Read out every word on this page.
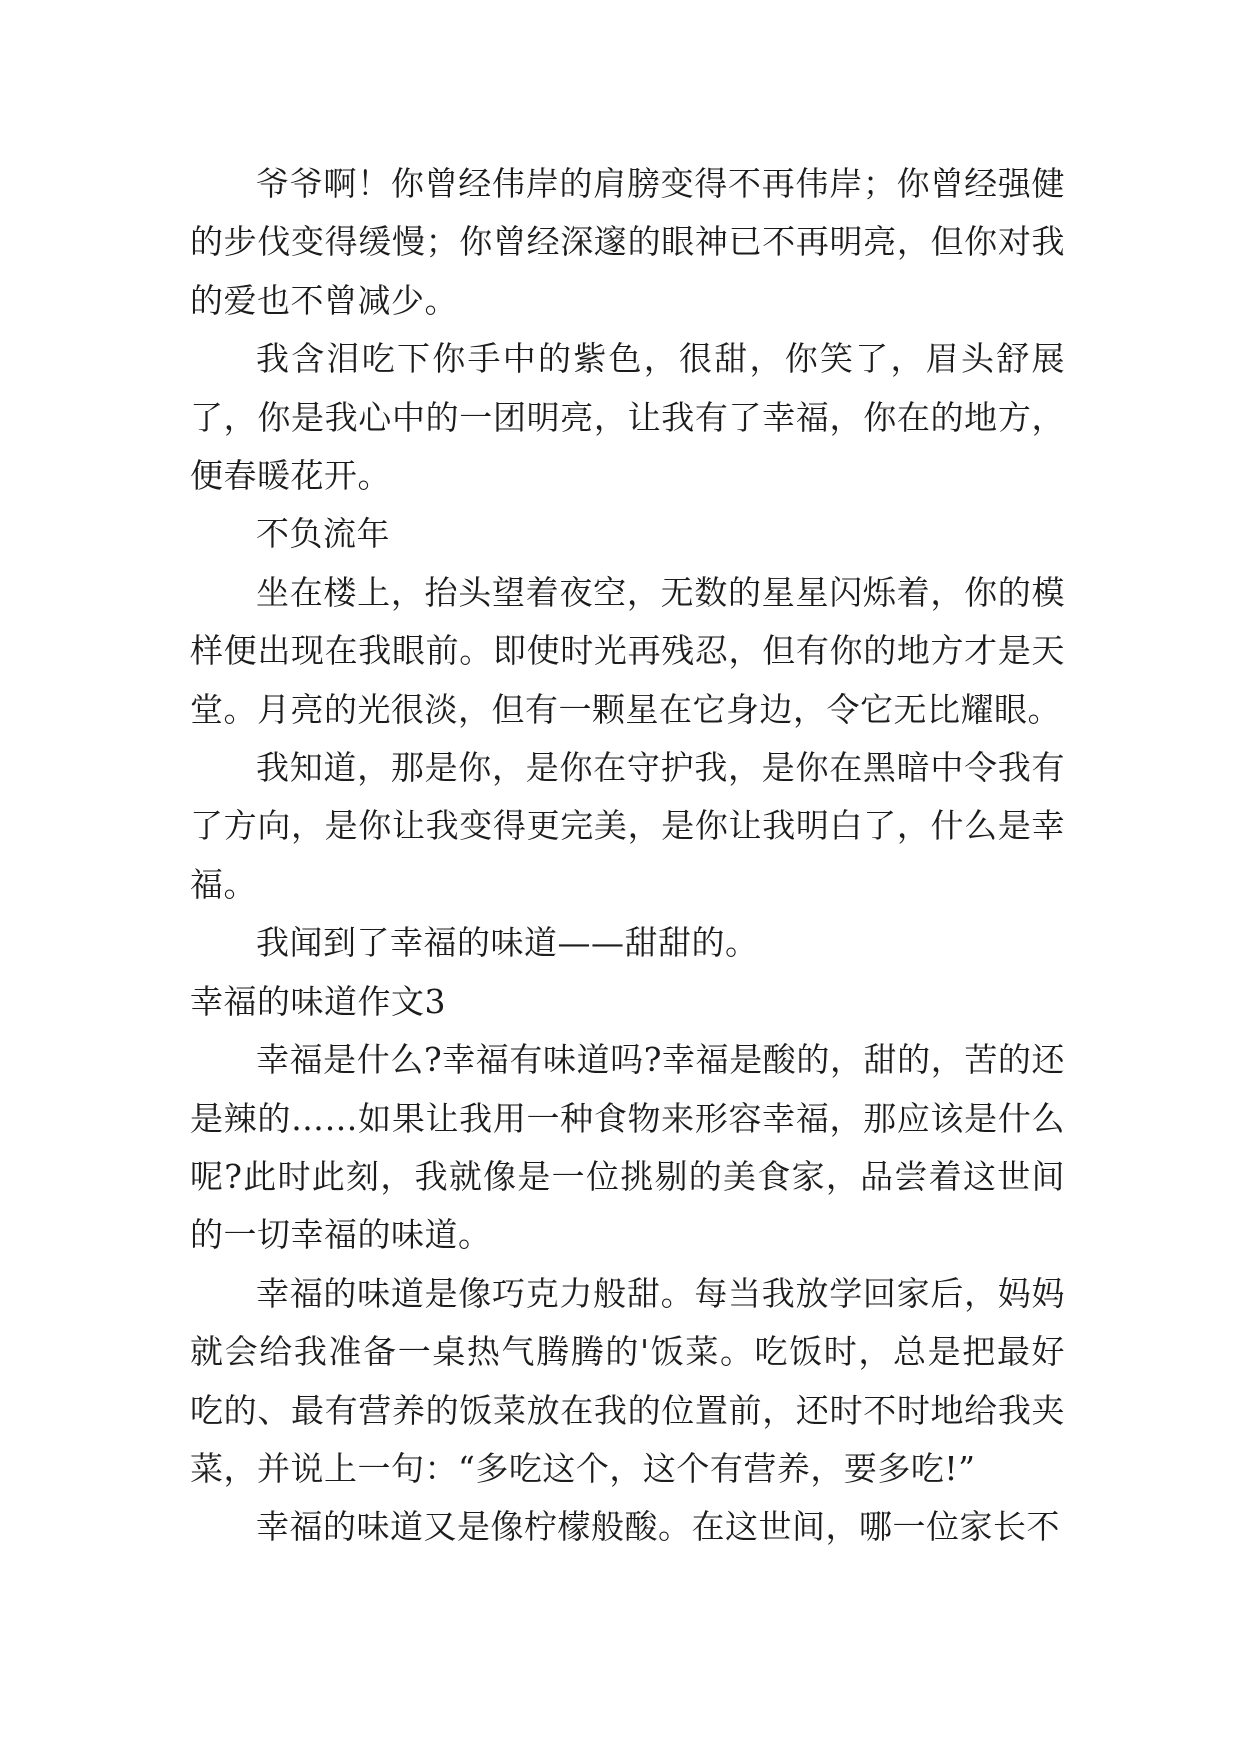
爷爷啊！你曾经伟岸的肩膀变得不再伟岸；你曾经强健的步伐变得缓慢；你曾经深邃的眼神已不再明亮，但你对我的爱也不曾减少。

我含泪吃下你手中的紫色，很甜，你笑了，眉头舒展了，你是我心中的一团明亮，让我有了幸福，你在的地方，便春暖花开。

不负流年

坐在楼上，抬头望着夜空，无数的星星闪烁着，你的模样便出现在我眼前。即使时光再残忍，但有你的地方才是天堂。月亮的光很淡，但有一颗星在它身边，令它无比耀眼。

我知道，那是你，是你在守护我，是你在黑暗中令我有了方向，是你让我变得更完美，是你让我明白了，什么是幸福。

我闻到了幸福的味道——甜甜的。

幸福的味道作文3

幸福是什么?幸福有味道吗?幸福是酸的，甜的，苦的还是辣的……如果让我用一种食物来形容幸福，那应该是什么呢?此时此刻，我就像是一位挑剔的美食家，品尝着这世间的一切幸福的味道。

幸福的味道是像巧克力般甜。每当我放学回家后，妈妈就会给我准备一桌热气腾腾的'饭菜。吃饭时，总是把最好吃的、最有营养的饭菜放在我的位置前，还时不时地给我夹菜，并说上一句：“多吃这个，这个有营养，要多吃!”

幸福的味道又是像柠檬般酸。在这世间，哪一位家长不
